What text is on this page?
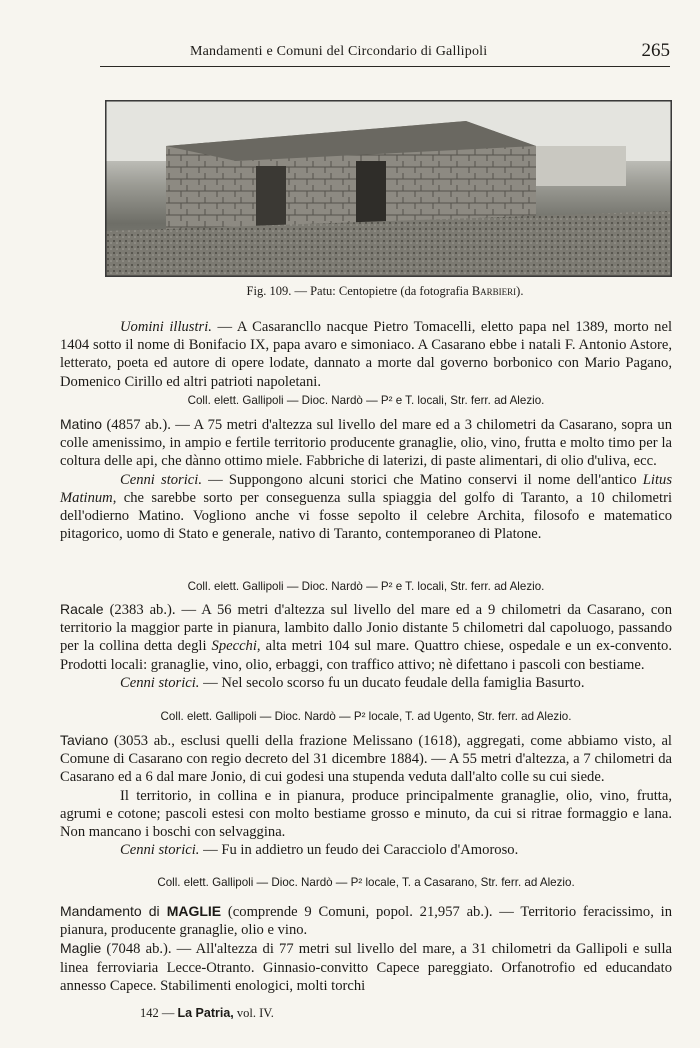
Mandamenti e Comuni del Circondario di Gallipoli	265
Fig. 109. — Patu: Centopietre (da fotografia Barbieri).

Uomini illustri. — A Casarancllo nacque Pietro Tomacelli, eletto papa nel 1389, morto nel 1404 sotto il nome di Bonifacio IX, papa avaro e simoniaco. A Casarano ebbe i natali F. Antonio Astore, letterato, poeta ed autore di opere lodate, dannato a morte dal governo borbonico con Mario Pagano, Domenico Cirillo ed altri patrioti napoletani.

Coll. elett. Gallipoli — Dioc. Nardò — P² e T. locali, Str. ferr. ad Alezio.

Matino (4857 ab.). — A 75 metri d'altezza sul livello del mare ed a 3 chilometri da Casarano, sopra un colle amenissimo, in ampio e fertile territorio producente granaglie, olio, vino, frutta e molto timo per la coltura delle api, che dànno ottimo miele. Fabbriche di laterizi, di paste alimentari, di olio d'uliva, ecc.

Cenni storici. — Suppongono alcuni storici che Matino conservi il nome dell'antico Litus Matinum, che sarebbe sorto per conseguenza sulla spiaggia del golfo di Taranto, a 10 chilometri dell'odierno Matino. Vogliono anche vi fosse sepolto il celebre Archita, filosofo e matematico pitagorico, uomo di Stato e generale, nativo di Taranto, contemporaneo di Platone.

Coll. elett. Gallipoli — Dioc. Nardò — P² e T. locali, Str. ferr. ad Alezio.

Racale (2383 ab.). — A 56 metri d'altezza sul livello del mare ed a 9 chilometri da Casarano, con territorio la maggior parte in pianura, lambito dallo Jonio distante 5 chilometri dal capoluogo, passando per la collina detta degli Specchi, alta metri 104 sul mare. Quattro chiese, ospedale e un ex-convento. Prodotti locali: granaglie, vino, olio, erbaggi, con traffico attivo; nè difettano i pascoli con bestiame.

Cenni storici. — Nel secolo scorso fu un ducato feudale della famiglia Basurto.

Coll. elett. Gallipoli — Dioc. Nardò — P² locale, T. ad Ugento, Str. ferr. ad Alezio.

Taviano (3053 ab., esclusi quelli della frazione Melissano (1618), aggregati, come abbiamo visto, al Comune di Casarano con regio decreto del 31 dicembre 1884). — A 55 metri d'altezza, a 7 chilometri da Casarano ed a 6 dal mare Jonio, di cui godesi una stupenda veduta dall'alto colle su cui siede.

Il territorio, in collina e in pianura, produce principalmente granaglie, olio, vino, frutta, agrumi e cotone; pascoli estesi con molto bestiame grosso e minuto, da cui si ritrae formaggio e lana. Non mancano i boschi con selvaggina.

Cenni storici. — Fu in addietro un feudo dei Caracciolo d'Amoroso.

Coll. elett. Gallipoli — Dioc. Nardò — P² locale, T. a Casarano, Str. ferr. ad Alezio.

Mandamento di MAGLIE (comprende 9 Comuni, popol. 21,957 ab.). — Territorio feracissimo, in pianura, producente granaglie, olio e vino.

Maglie (7048 ab.). — All'altezza di 77 metri sul livello del mare, a 31 chilometri da Gallipoli e sulla linea ferroviaria Lecce-Otranto. Ginnasio-convitto Capece pareggiato. Orfanotrofio ed educandato annesso Capece. Stabilimenti enologici, molti torchi

142 — La Patria, vol. IV.
